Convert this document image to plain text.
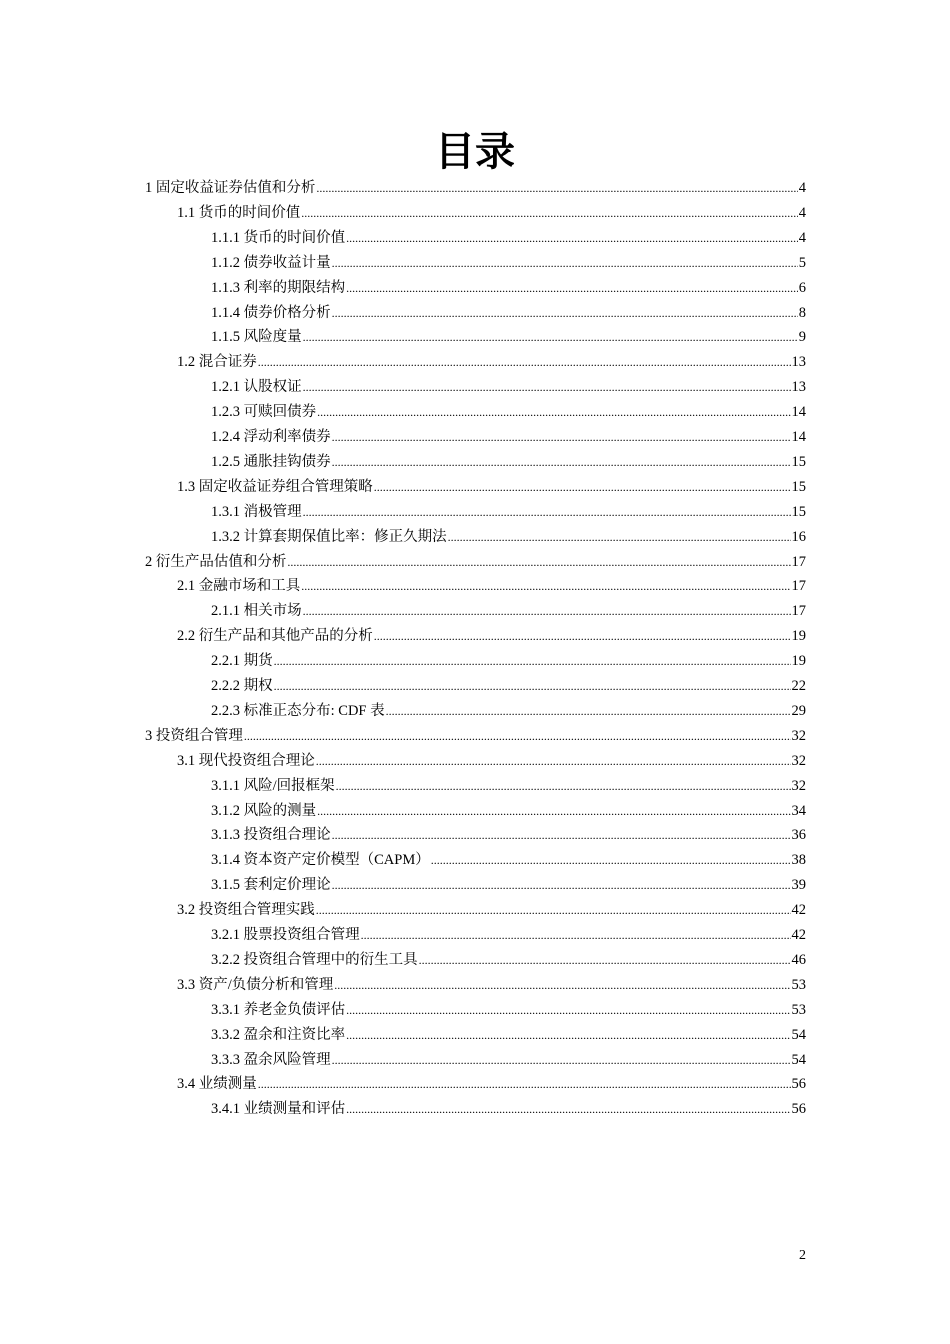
目录
1 固定收益证券估值和分析 .....	4
1.1 货币的时间价值 .....	4
1.1.1 货币的时间价值 .....	4
1.1.2 债券收益计量 .....	5
1.1.3 利率的期限结构 .....	6
1.1.4 债券价格分析 .....	8
1.1.5 风险度量 .....	9
1.2 混合证券 .....	13
1.2.1 认股权证 .....	13
1.2.3 可赎回债券 .....	14
1.2.4 浮动利率债券 .....	14
1.2.5 通胀挂钩债券 .....	15
1.3 固定收益证券组合管理策略 .....	15
1.3.1 消极管理 .....	15
1.3.2 计算套期保值比率：修正久期法 .....	16
2 衍生产品估值和分析 .....	17
2.1 金融市场和工具 .....	17
2.1.1 相关市场 .....	17
2.2 衍生产品和其他产品的分析 .....	19
2.2.1 期货 .....	19
2.2.2 期权 .....	22
2.2.3 标准正态分布: CDF 表 .....	29
3 投资组合管理 .....	32
3.1 现代投资组合理论 .....	32
3.1.1 风险/回报框架 .....	32
3.1.2 风险的测量 .....	34
3.1.3 投资组合理论 .....	36
3.1.4 资本资产定价模型（CAPM） .....	38
3.1.5 套利定价理论 .....	39
3.2 投资组合管理实践 .....	42
3.2.1 股票投资组合管理 .....	42
3.2.2 投资组合管理中的衍生工具 .....	46
3.3 资产/负债分析和管理 .....	53
3.3.1 养老金负债评估 .....	53
3.3.2 盈余和注资比率 .....	54
3.3.3 盈余风险管理 .....	54
3.4 业绩测量 .....	56
3.4.1 业绩测量和评估 .....	56
2
